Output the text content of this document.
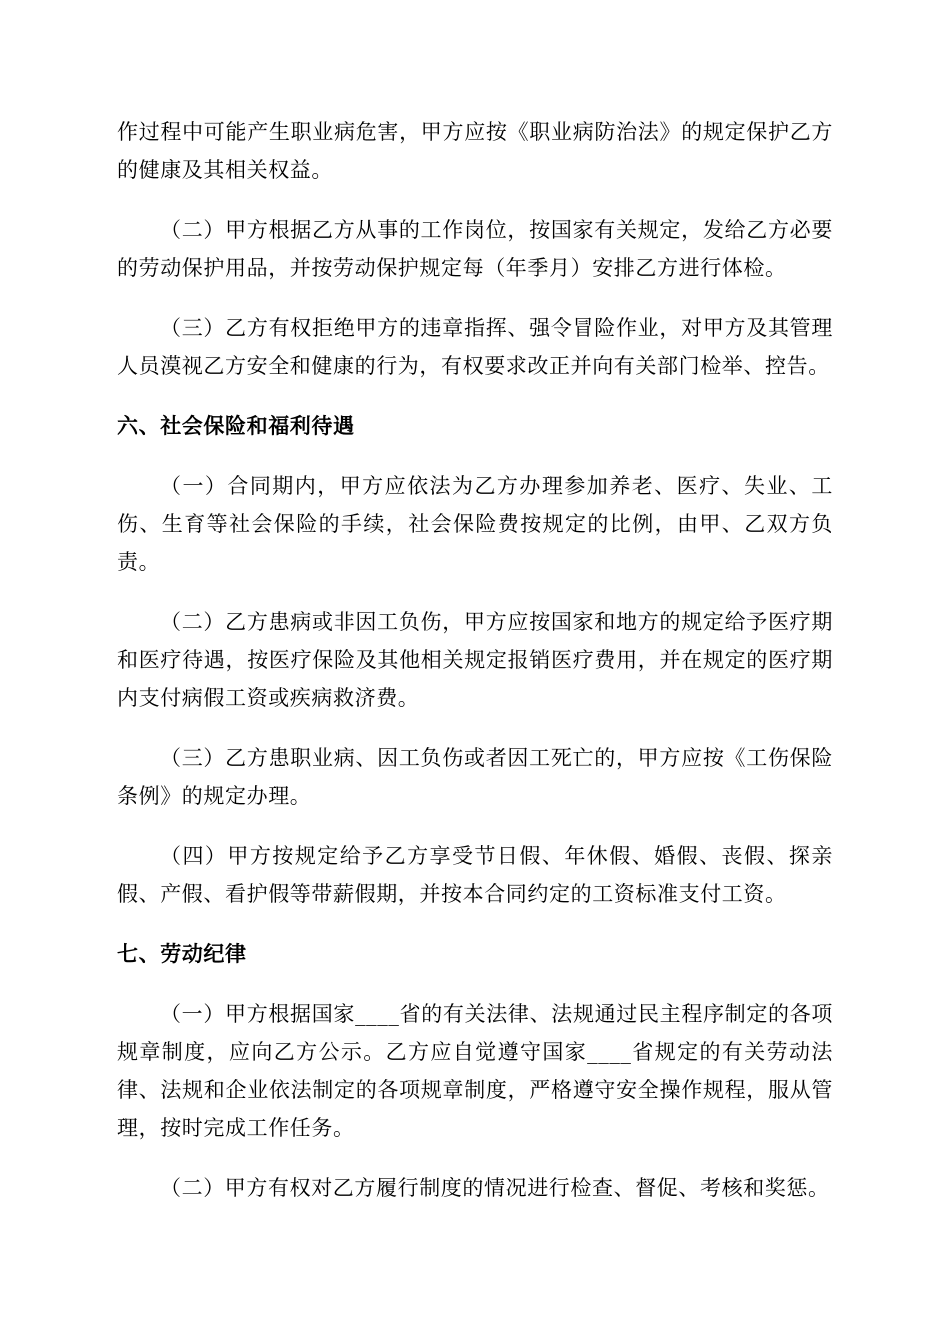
作过程中可能产生职业病危害，甲方应按《职业病防治法》的规定保护乙方的健康及其相关权益。

（二）甲方根据乙方从事的工作岗位，按国家有关规定，发给乙方必要的劳动保护用品，并按劳动保护规定每（年季月）安排乙方进行体检。

（三）乙方有权拒绝甲方的违章指挥、强令冒险作业，对甲方及其管理人员漠视乙方安全和健康的行为，有权要求改正并向有关部门检举、控告。

六、社会保险和福利待遇

（一）合同期内，甲方应依法为乙方办理参加养老、医疗、失业、工伤、生育等社会保险的手续，社会保险费按规定的比例，由甲、乙双方负责。

（二）乙方患病或非因工负伤，甲方应按国家和地方的规定给予医疗期和医疗待遇，按医疗保险及其他相关规定报销医疗费用，并在规定的医疗期内支付病假工资或疾病救济费。

（三）乙方患职业病、因工负伤或者因工死亡的，甲方应按《工伤保险条例》的规定办理。

（四）甲方按规定给予乙方享受节日假、年休假、婚假、丧假、探亲假、产假、看护假等带薪假期，并按本合同约定的工资标准支付工资。

七、劳动纪律

（一）甲方根据国家____省的有关法律、法规通过民主程序制定的各项规章制度，应向乙方公示。乙方应自觉遵守国家____省规定的有关劳动法律、法规和企业依法制定的各项规章制度，严格遵守安全操作规程，服从管理，按时完成工作任务。

（二）甲方有权对乙方履行制度的情况进行检查、督促、考核和奖惩。
